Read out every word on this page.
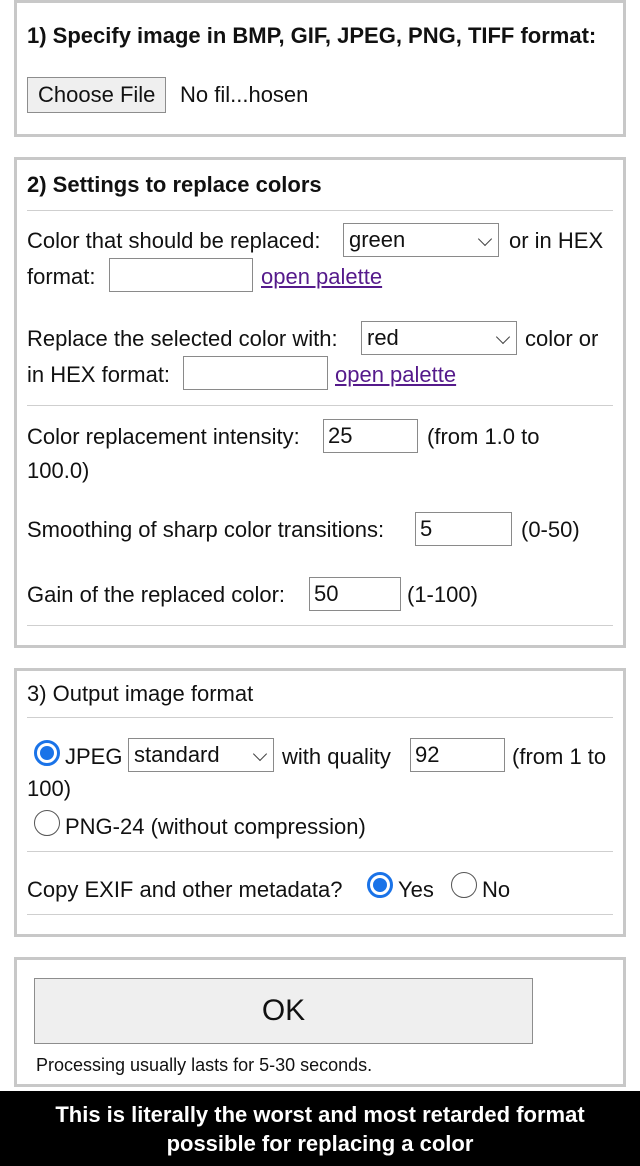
1) Specify image in BMP, GIF, JPEG, PNG, TIFF format:
Choose File	No fil...hosen
2) Settings to replace colors
Color that should be replaced: green	or in HEX
format:	open palette
Replace the selected color with: red	color or
in HEX format:	open palette
Color replacement intensity: 25	(from 1.0 to
100.0)
Smoothing of sharp color transitions: 5	(0-50)
Gain of the replaced color: 50	(1-100)
3) Output image format
JPEG standard	with quality 92	(from 1 to
100)
PNG-24 (without compression)
Copy EXIF and other metadata?	Yes No
OK
Processing usually lasts for 5-30 seconds.
This is literally the worst and most retarded format
possible for replacing a color
